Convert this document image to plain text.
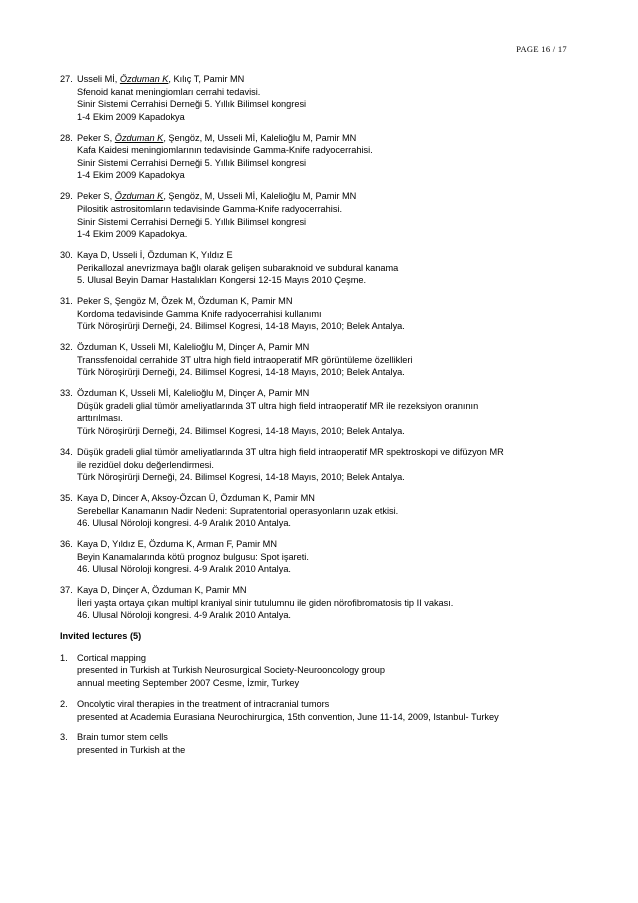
PAGE 16 / 17
27. Usseli Mİ, Özduman K, Kılıç T, Pamir MN
Sfenoid kanat meningiomları cerrahi tedavisi.
Sinir Sistemi Cerrahisi Derneği 5. Yıllık Bilimsel kongresi
1-4 Ekim 2009 Kapadokya
28. Peker S, Özduman K, Şengöz, M, Usseli Mİ, Kalelioğlu M, Pamir MN
Kafa Kaidesi meningiomlarının tedavisinde Gamma-Knife radyocerrahisi.
Sinir Sistemi Cerrahisi Derneği 5. Yıllık Bilimsel kongresi
1-4 Ekim 2009 Kapadokya
29. Peker S, Özduman K, Şengöz, M, Usseli Mİ, Kalelioğlu M, Pamir MN
Pilositik astrositomların tedavisinde Gamma-Knife radyocerrahisi.
Sinir Sistemi Cerrahisi Derneği 5. Yıllık Bilimsel kongresi
1-4 Ekim 2009 Kapadokya.
30. Kaya D, Usseli İ, Özduman K, Yıldız E
Perikallozal anevrizmaya bağlı olarak gelişen subaraknoid ve subdural kanama
5. Ulusal Beyin Damar Hastalıkları Kongersi 12-15 Mayıs 2010 Çeşme.
31. Peker S, Şengöz M, Özek M, Özduman K, Pamir MN
Kordoma tedavisinde Gamma Knife radyocerrahisi kullanımı
Türk Nöroşirürji Derneği, 24. Bilimsel Kogresi, 14-18 Mayıs, 2010; Belek Antalya.
32. Özduman K, Usseli MI, Kalelioğlu M, Dinçer A, Pamir MN
Transsfenoidal cerrahide 3T ultra high field intraoperatif MR görüntüleme özellikleri
Türk Nöroşirürji Derneği, 24. Bilimsel Kogresi, 14-18 Mayıs, 2010; Belek Antalya.
33. Özduman K, Usseli Mİ, Kalelioğlu M, Dinçer A, Pamir MN
Düşük gradeli glial tümör ameliyatlarında 3T ultra high field intraoperatif MR ile rezeksiyon oranının
arttırılması.
Türk Nöroşirürji Derneği, 24. Bilimsel Kogresi, 14-18 Mayıs, 2010; Belek Antalya.
34. Düşük gradeli glial tümör ameliyatlarında 3T ultra high field intraoperatif MR spektroskopi ve difüzyon MR
ile rezidüel doku değerlendirmesi.
Türk Nöroşirürji Derneği, 24. Bilimsel Kogresi, 14-18 Mayıs, 2010; Belek Antalya.
35. Kaya D, Dincer A, Aksoy-Özcan Ü, Özduman K, Pamir MN
Serebellar Kanamanın Nadir Nedeni: Supratentorial operasyonların uzak etkisi.
46. Ulusal Nöroloji kongresi. 4-9 Aralık 2010 Antalya.
36. Kaya D, Yıldız E, Özduma K, Arman F, Pamir MN
Beyin Kanamalarında kötü prognoz bulgusu: Spot işareti.
46. Ulusal Nöroloji kongresi. 4-9 Aralık 2010 Antalya.
37. Kaya D, Dinçer A, Özduman K, Pamir MN
İleri yaşta ortaya çıkan multipl kraniyal sinir tutulumnu ile giden nörofibromatosis tip II vakası.
46. Ulusal Nöroloji kongresi. 4-9 Aralık 2010 Antalya.
Invited lectures (5)
1.	Cortical mapping
presented in Turkish at Turkish Neurosurgical Society-Neurooncology group
annual meeting September 2007 Cesme, İzmir, Turkey
2.	Oncolytic viral therapies in the treatment of intracranial tumors
presented at Academia Eurasiana Neurochirurgica, 15th convention, June 11-14, 2009, Istanbul- Turkey
3.	Brain tumor stem cells
presented in Turkish at the
